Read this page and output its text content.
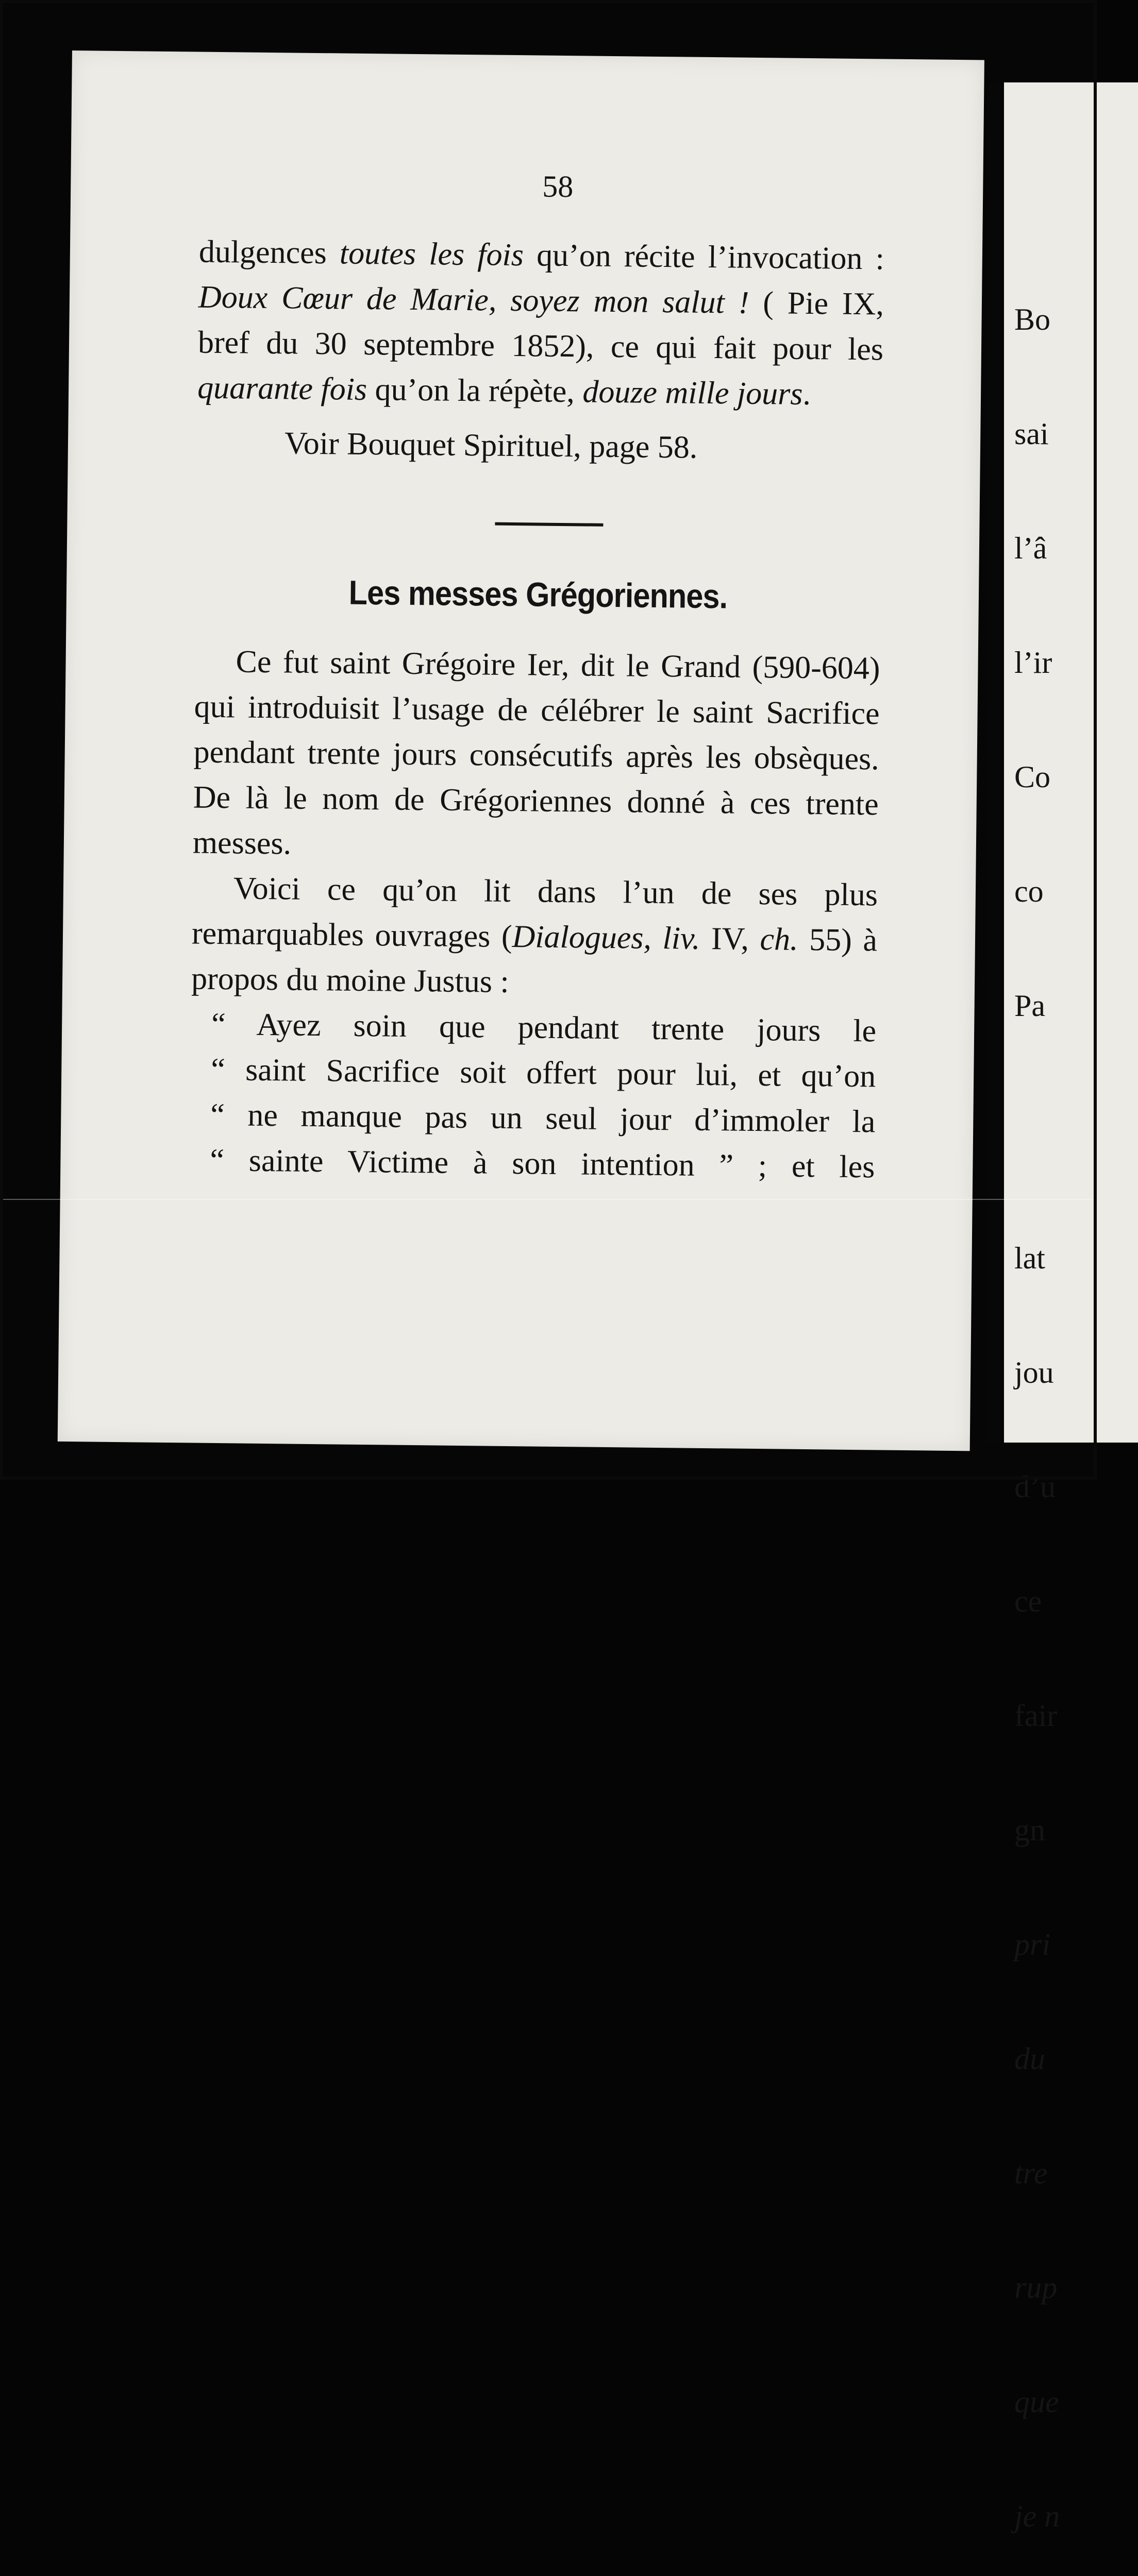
58

dulgences toutes les fois qu’on récite l’invocation : Doux Cœur de Marie, soyez mon salut ! ( Pie IX, bref du 30 septembre 1852), ce qui fait pour les quarante fois qu’on la répète, douze mille jours.

Voir Bouquet Spirituel, page 58.

Les messes Grégoriennes.

Ce fut saint Grégoire Ier, dit le Grand (590-604) qui introduisit l’usage de célébrer le saint Sacrifice pendant trente jours consécutifs après les obsèques. De là le nom de Grégoriennes donné à ces trente messes.

Voici ce qu’on lit dans l’un de ses plus remarquables ouvrages (Dialogues, liv. IV, ch. 55) à propos du moine Justus :

“ Ayez soin que pendant trente jours le
“ saint Sacrifice soit offert pour lui, et qu’on
“ ne manque pas un seul jour d’immoler la
“ sainte Victime à son intention ” ; et les

Bo

sai

l’â

l’ir

Co

co

Pa

lat

jou

d’u

ce

fair

gn

pri

du

tre

rup

que

je n
